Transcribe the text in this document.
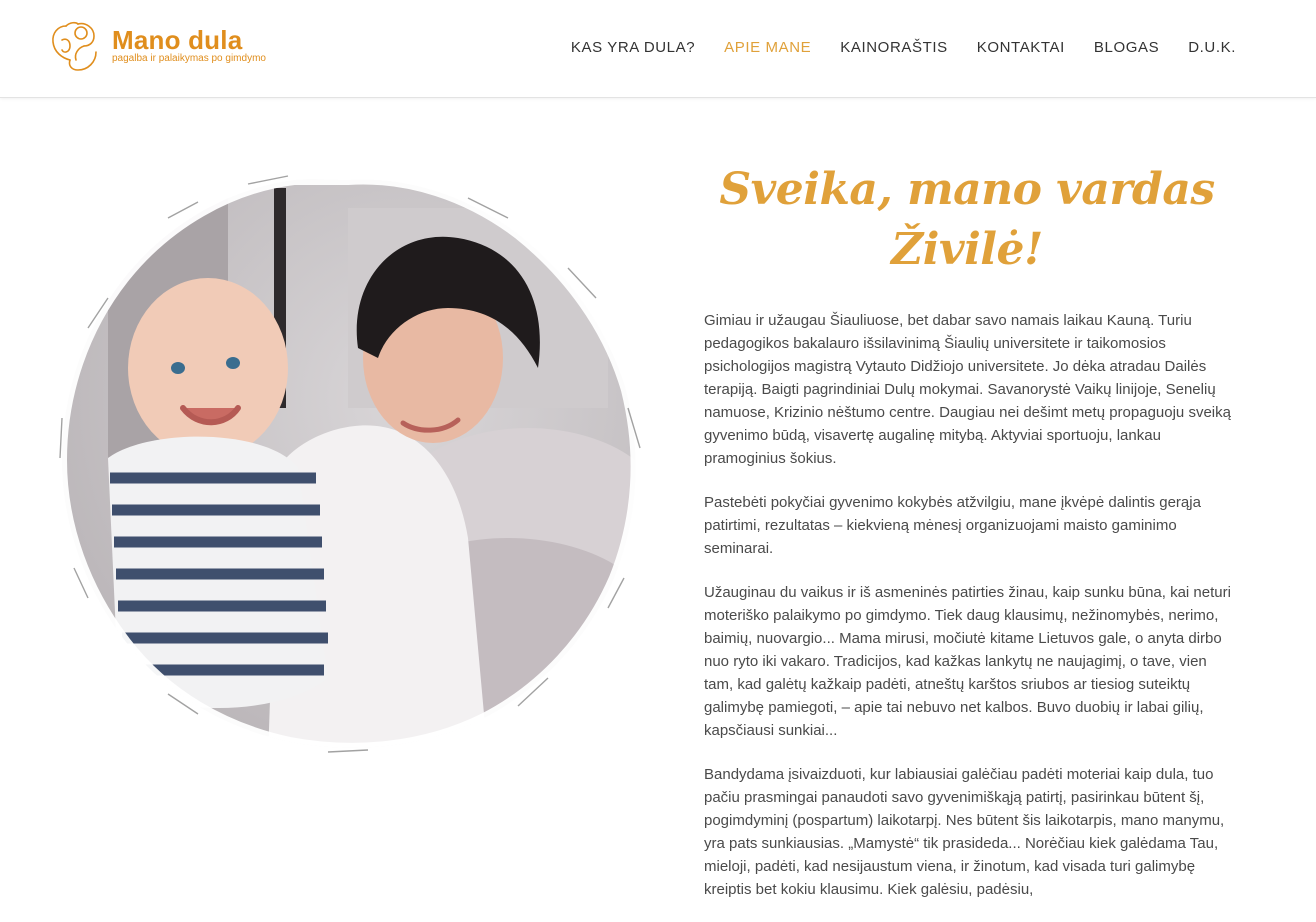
Mano dula
pagalba ir palaikymas po gimdymo
KAS YRA DULA? APIE MANE KAINORAŠTIS KONTAKTAI BLOGAS D.U.K.
Sveika, mano vardas Živilė!

Gimiau ir užaugau Šiauliuose, bet dabar savo namais laikau Kauną. Turiu pedagogikos bakalauro išsilavinimą Šiaulių universitete ir taikomosios psichologijos magistrą Vytauto Didžiojo universitete. Jo dėka atradau Dailės terapiją. Baigti pagrindiniai Dulų mokymai. Savanorystė Vaikų linijoje, Senelių namuose, Krizinio nėštumo centre. Daugiau nei dešimt metų propaguoju sveiką gyvenimo būdą, visavertę augalinę mitybą. Aktyviai sportuoju, lankau pramoginius šokius.

Pastebėti pokyčiai gyvenimo kokybės atžvilgiu, mane įkvėpė dalintis gerąja patirtimi, rezultatas – kiekvieną mėnesį organizuojami maisto gaminimo seminarai.

Užauginau du vaikus ir iš asmeninės patirties žinau, kaip sunku būna, kai neturi moteriško palaikymo po gimdymo. Tiek daug klausimų, nežinomybės, nerimo, baimių, nuovargio... Mama mirusi, močiutė kitame Lietuvos gale, o anyta dirbo nuo ryto iki vakaro. Tradicijos, kad kažkas lankytų ne naujagimį, o tave, vien tam, kad galėtų kažkaip padėti, atneštų karštos sriubos ar tiesiog suteiktų galimybę pamiegoti, – apie tai nebuvo net kalbos. Buvo duobių ir labai gilių, kapsčiausi sunkiai...

Bandydama įsivaizduoti, kur labiausiai galėčiau padėti moteriai kaip dula, tuo pačiu prasmingai panaudoti savo gyvenimiškąją patirtį, pasirinkau būtent šį, pogimdyminį (pospartum) laikotarpį. Nes būtent šis laikotarpis, mano manymu, yra pats sunkiausias. „Mamystė“ tik prasideda... Norėčiau kiek galėdama Tau, mieloji, padėti, kad nesijaustum viena, ir žinotum, kad visada turi galimybę kreiptis bet kokiu klausimu. Kiek galėsiu, padėsiu,
